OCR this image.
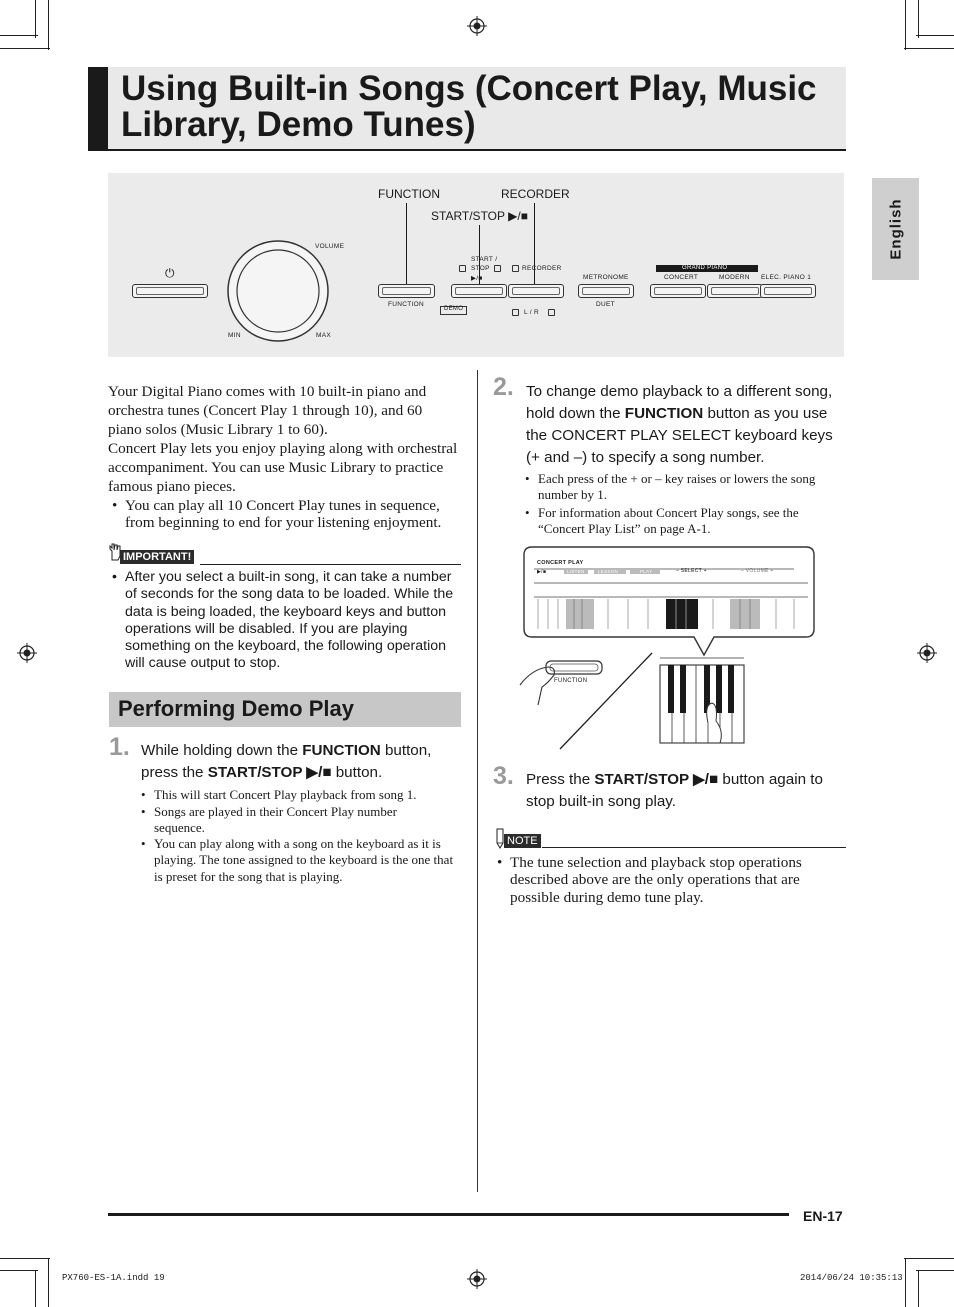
Using Built-in Songs (Concert Play, Music Library, Demo Tunes)
English
FUNCTION	RECORDER
START/STOP ▶/■
⏻
VOLUME
MIN	MAX
START /
STOP
▶/■
RECORDER
FUNCTION
DEMO	L / R
METRONOME
DUET
GRAND PIANO
CONCERT	MODERN ELEC. PIANO 1
Your Digital Piano comes with 10 built-in piano and orchestra tunes (Concert Play 1 through 10), and 60 piano solos (Music Library 1 to 60).
Concert Play lets you enjoy playing along with orchestral accompaniment. You can use Music Library to practice famous piano pieces.
• You can play all 10 Concert Play tunes in sequence,
from beginning to end for your listening enjoyment.
IMPORTANT!
• After you select a built-in song, it can take a number of seconds for the song data to be loaded. While the data is being loaded, the keyboard keys and button operations will be disabled. If you are playing something on the keyboard, the following operation will cause output to stop.
Performing Demo Play
1. While holding down the FUNCTION button, press the START/STOP ▶/■ button.
• This will start Concert Play playback from song 1.
• Songs are played in their Concert Play number sequence.
• You can play along with a song on the keyboard as it is playing. The tone assigned to the keyboard is the one that is preset for the song that is playing.
2. To change demo playback to a different song, hold down the FUNCTION button as you use the CONCERT PLAY SELECT keyboard keys (+ and –) to specify a song number.
• Each press of the + or – key raises or lowers the song number by 1.
• For information about Concert Play songs, see the “Concert Play List” on page A-1.
CONCERT PLAY
▶/■	LISTEN	LESSON	PLAY	– SELECT +	– VOLUME +
FUNCTION
3. Press the START/STOP ▶/■ button again to stop built-in song play.
NOTE
• The tune selection and playback stop operations described above are the only operations that are possible during demo tune play.
EN-17
PX760-ES-1A.indd 19	2014/06/24 10:35:13
